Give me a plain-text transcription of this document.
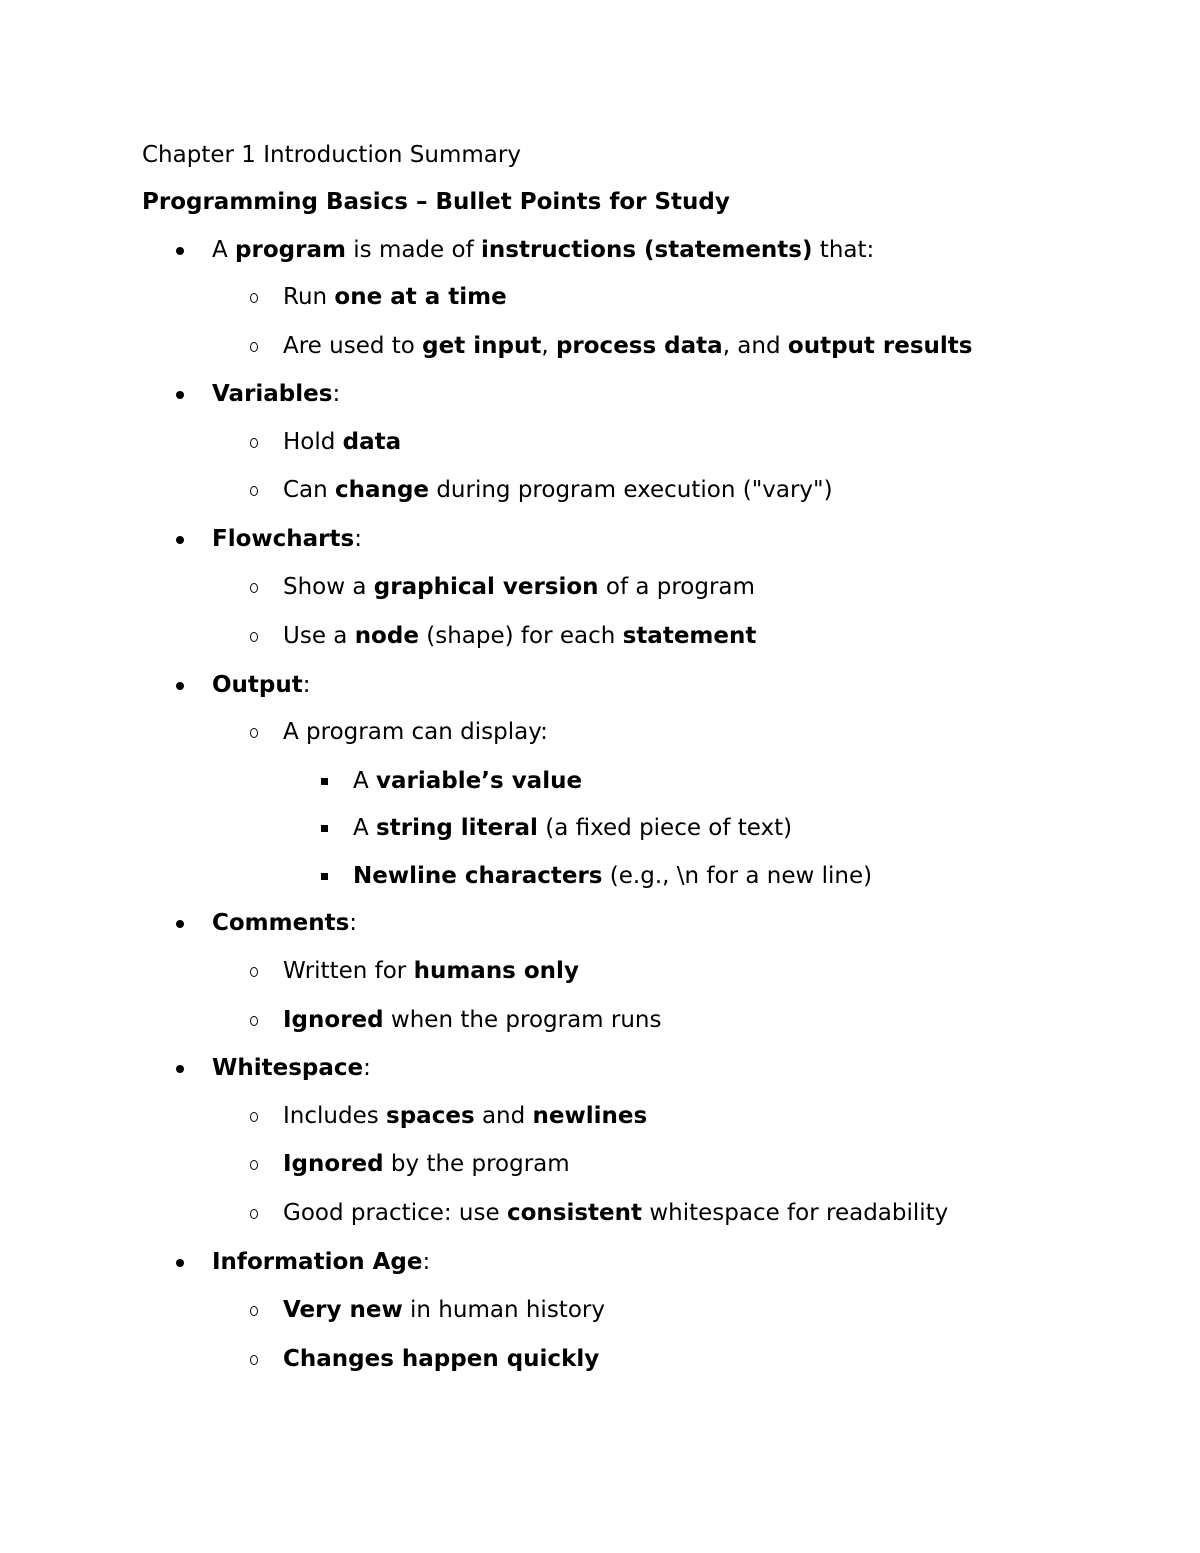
Chapter 1 Introduction Summary
Programming Basics – Bullet Points for Study
A program is made of instructions (statements) that:
Run one at a time
Are used to get input, process data, and output results
Variables:
Hold data
Can change during program execution ("vary")
Flowcharts:
Show a graphical version of a program
Use a node (shape) for each statement
Output:
A program can display:
A variable’s value
A string literal (a fixed piece of text)
Newline characters (e.g., \n for a new line)
Comments:
Written for humans only
Ignored when the program runs
Whitespace:
Includes spaces and newlines
Ignored by the program
Good practice: use consistent whitespace for readability
Information Age:
Very new in human history
Changes happen quickly
